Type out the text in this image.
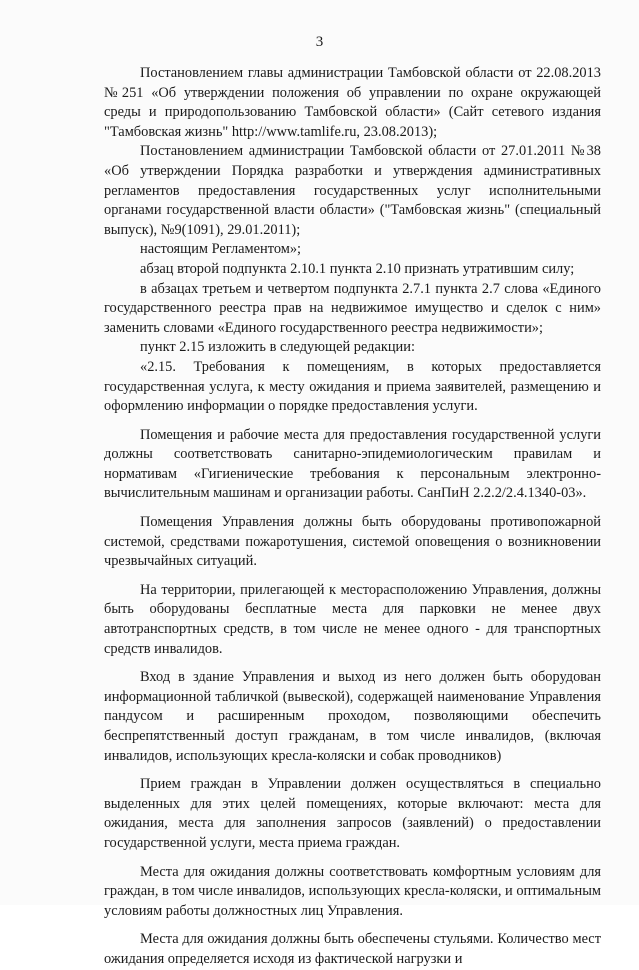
3

Постановлением главы администрации Тамбовской области от 22.08.2013 №251 «Об утверждении положения об управлении по охране окружающей среды и природопользованию Тамбовской области» (Сайт сетевого издания "Тамбовская жизнь" http://www.tamlife.ru, 23.08.2013);

Постановлением администрации Тамбовской области от 27.01.2011 №38 «Об утверждении Порядка разработки и утверждения административных регламентов предоставления государственных услуг исполнительными органами государственной власти области» ("Тамбовская жизнь" (специальный выпуск), №9(1091), 29.01.2011);

настоящим Регламентом»;

абзац второй подпункта 2.10.1 пункта 2.10 признать утратившим силу;

в абзацах третьем и четвертом подпункта 2.7.1 пункта 2.7 слова «Единого государственного реестра прав на недвижимое имущество и сделок с ним» заменить словами «Единого государственного реестра недвижимости»;

пункт 2.15 изложить в следующей редакции:

«2.15. Требования к помещениям, в которых предоставляется государственная услуга, к месту ожидания и приема заявителей, размещению и оформлению информации о порядке предоставления услуги.

Помещения и рабочие места для предоставления государственной услуги должны соответствовать санитарно-эпидемиологическим правилам и нормативам «Гигиенические требования к персональным электронно-вычислительным машинам и организации работы. СанПиН 2.2.2/2.4.1340-03».

Помещения Управления должны быть оборудованы противопожарной системой, средствами пожаротушения, системой оповещения о возникновении чрезвычайных ситуаций.

На территории, прилегающей к месторасположению Управления, должны быть оборудованы бесплатные места для парковки не менее двух автотранспортных средств, в том числе не менее одного - для транспортных средств инвалидов.

Вход в здание Управления и выход из него должен быть оборудован информационной табличкой (вывеской), содержащей наименование Управления пандусом и расширенным проходом, позволяющими обеспечить беспрепятственный доступ гражданам, в том числе инвалидов, (включая инвалидов, использующих кресла-коляски и собак проводников)

Прием граждан в Управлении должен осуществляться в специально выделенных для этих целей помещениях, которые включают: места для ожидания, места для заполнения запросов (заявлений) о предоставлении государственной услуги, места приема граждан.

Места для ожидания должны соответствовать комфортным условиям для граждан, в том числе инвалидов, использующих кресла-коляски, и оптимальным условиям работы должностных лиц Управления.

Места для ожидания должны быть обеспечены стульями. Количество мест ожидания определяется исходя из фактической нагрузки и
